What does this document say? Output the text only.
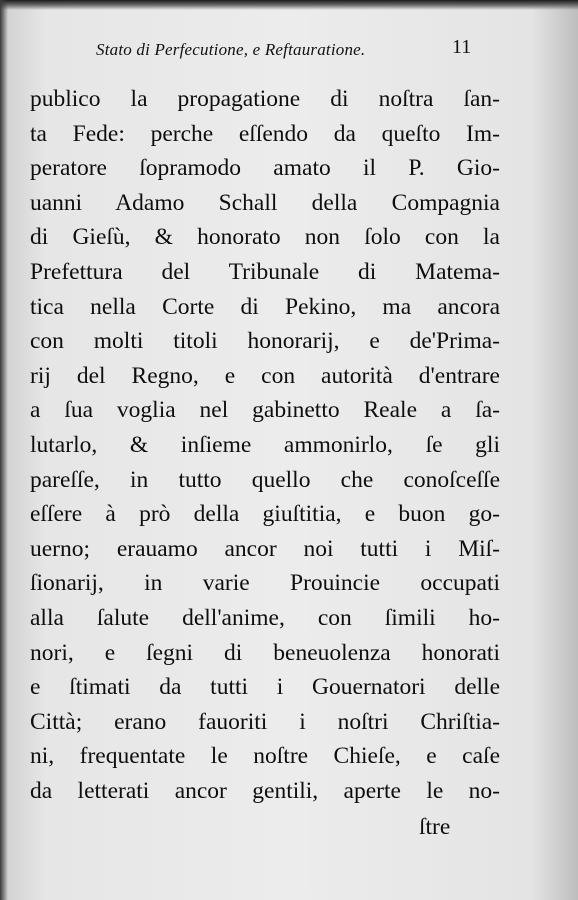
Stato di Perfecutione, e Reftauratione.	11
publico la propagatione di noſtra ſan-
ta Fede: perche eſſendo da queſto Im-
peratore ſopramodo amato il P. Gio-
uanni Adamo Schall della Compagnia
di Gieſù, & honorato non ſolo con la
Prefettura del Tribunale di Matema-
tica nella Corte di Pekino, ma ancora
con molti titoli honorarij, e de'Prima-
rij del Regno, e con autorità d'entrare
a ſua voglia nel gabinetto Reale a ſa-
lutarlo, & inſieme ammonirlo, ſe gli
pareſſe, in tutto quello che conoſceſſe
eſſere à prò della giuſtitia, e buon go-
uerno; erauamo ancor noi tutti i Miſ-
ſionarij, in varie Prouincie occupati
alla ſalute dell'anime, con ſimili ho-
nori, e ſegni di beneuolenza honorati
e ſtimati da tutti i Gouernatori delle
Città; erano fauoriti i noſtri Chriſtia-
ni, frequentate le noſtre Chieſe, e caſe
da letterati ancor gentili, aperte le no-
ſtre
